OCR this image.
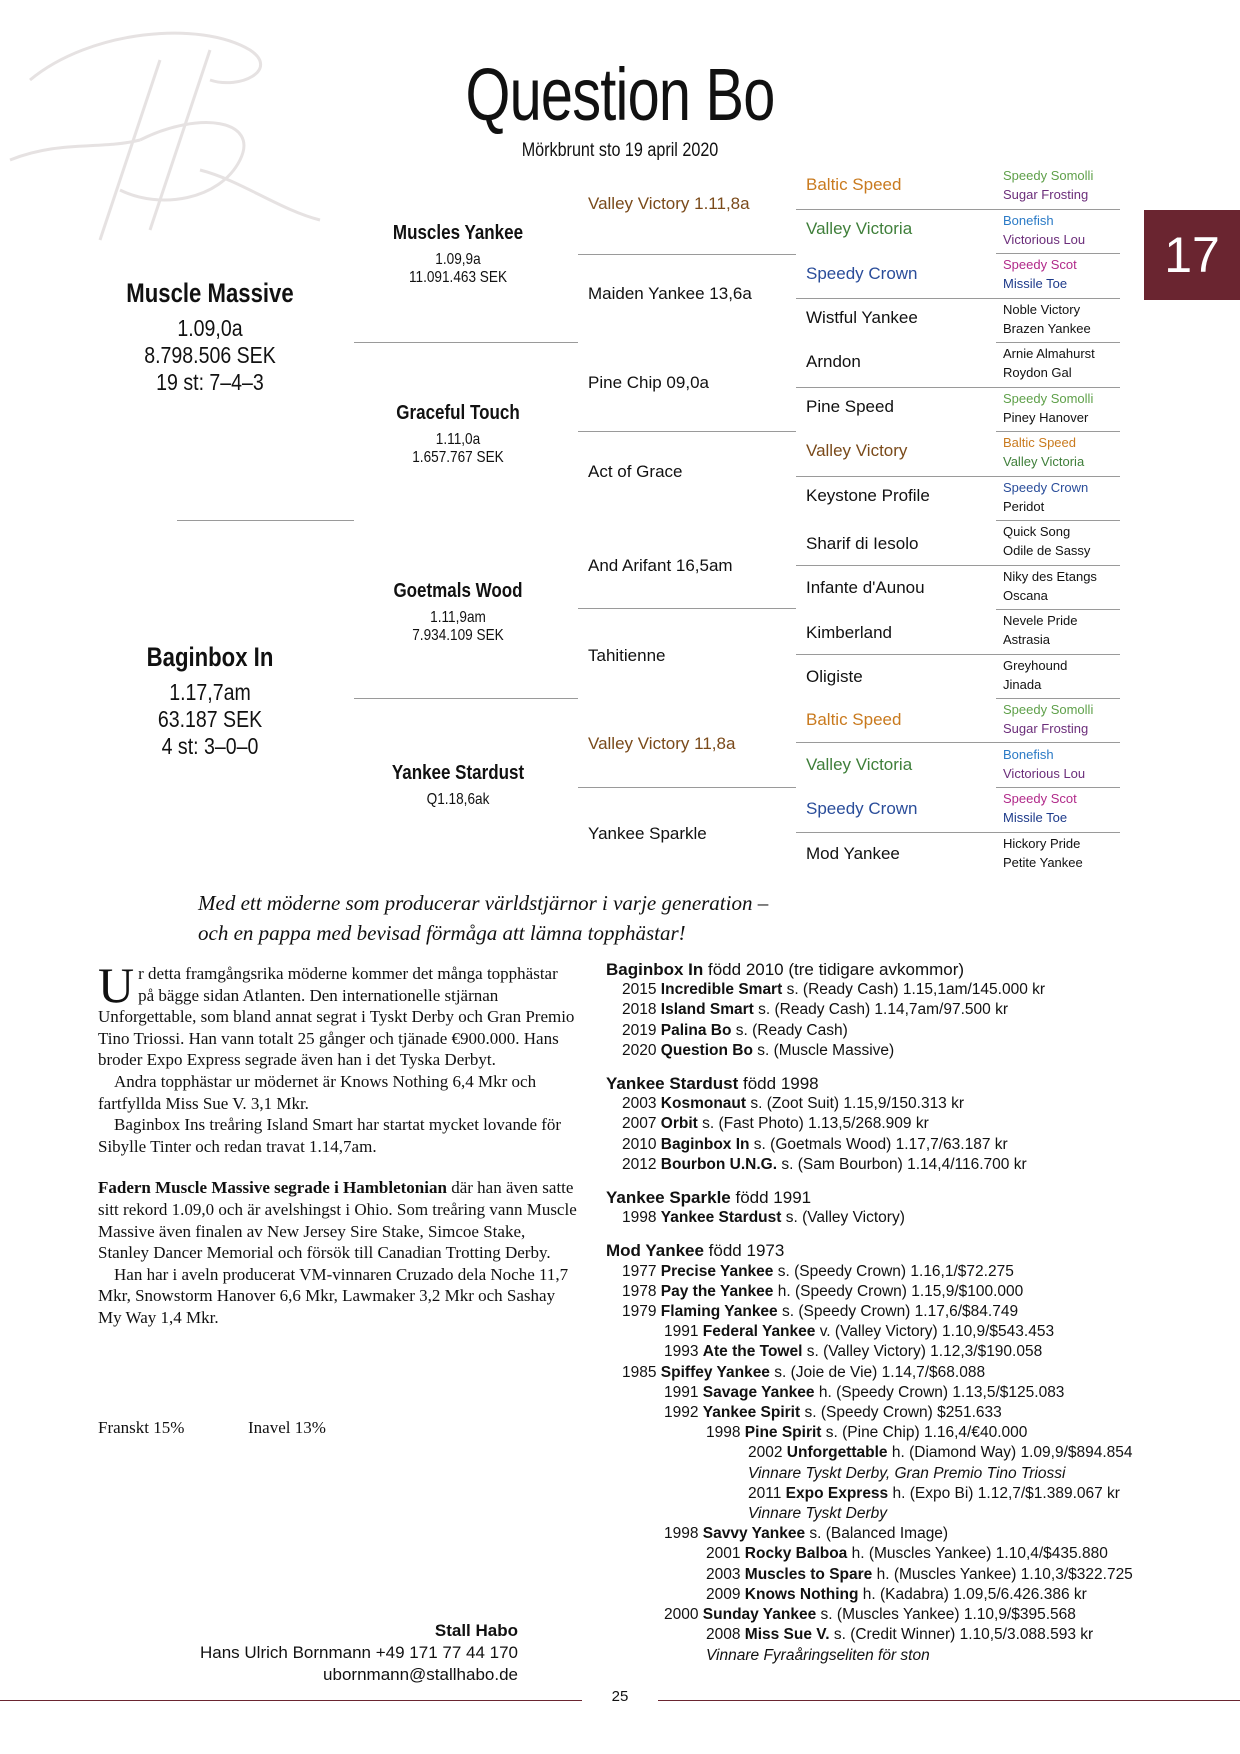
Question Bo
Mörkbrunt sto 19 april 2020
17
Muscle Massive
1.09,0a
8.798.506 SEK
19 st: 7–4–3
Baginbox In
1.17,7am
63.187 SEK
4 st: 3–0–0
Muscles Yankee
1.09,9a
11.091.463 SEK
Graceful Touch
1.11,0a
1.657.767 SEK
Goetmals Wood
1.11,9am
7.934.109 SEK
Yankee Stardust
Q1.18,6ak
Valley Victory 1.11,8a
Maiden Yankee 13,6a
Pine Chip 09,0a
Act of Grace
And Arifant 16,5am
Tahitienne
Valley Victory 11,8a
Yankee Sparkle
Baltic Speed
Valley Victoria
Speedy Crown
Wistful Yankee
Arndon
Pine Speed
Valley Victory
Keystone Profile
Sharif di Iesolo
Infante d'Aunou
Kimberland
Oligiste
Baltic Speed
Valley Victoria
Speedy Crown
Mod Yankee
Speedy Somolli
Sugar Frosting
Bonefish
Victorious Lou
Speedy Scot
Missile Toe
Noble Victory
Brazen Yankee
Arnie Almahurst
Roydon Gal
Speedy Somolli
Piney Hanover
Baltic Speed
Valley Victoria
Speedy Crown
Peridot
Quick Song
Odile de Sassy
Niky des Etangs
Oscana
Nevele Pride
Astrasia
Greyhound
Jinada
Speedy Somolli
Sugar Frosting
Bonefish
Victorious Lou
Speedy Scot
Missile Toe
Hickory Pride
Petite Yankee
Med ett möderne som producerar världstjärnor i varje generation –
och en pappa med bevisad förmåga att lämna topphästar!

Ur detta framgångsrika möderne kommer det många topphästar på bägge sidan Atlanten. Den internationelle stjärnan Unforgettable, som bland annat segrat i Tyskt Derby och Gran Premio Tino Triossi. Han vann totalt 25 gånger och tjänade €900.000. Hans broder Expo Express segrade även han i det Tyska Derbyt.

Andra topphästar ur mödernet är Knows Nothing 6,4 Mkr och fartfyllda Miss Sue V. 3,1 Mkr.

Baginbox Ins treåring Island Smart har startat mycket lovande för Sibylle Tinter och redan travat 1.14,7am.

Fadern Muscle Massive segrade i Hambletonian där han även satte sitt rekord 1.09,0 och är avelshingst i Ohio. Som treåring vann Muscle Massive även finalen av New Jersey Sire Stake, Simcoe Stake, Stanley Dancer Memorial och försök till Canadian Trotting Derby.

Han har i aveln producerat VM-vinnaren Cruzado dela Noche 11,7 Mkr, Snowstorm Hanover 6,6 Mkr, Lawmaker 3,2 Mkr och Sashay My Way 1,4 Mkr.

Franskt 15%	Inavel 13%
Stall Habo
Hans Ulrich Bornmann +49 171 77 44 170
ubornmann@stallhabo.de
Baginbox In född 2010 (tre tidigare avkommor)
2015 Incredible Smart s. (Ready Cash) 1.15,1am/145.000 kr
2018 Island Smart s. (Ready Cash) 1.14,7am/97.500 kr
2019 Palina Bo s. (Ready Cash)
2020 Question Bo s. (Muscle Massive)
Yankee Stardust född 1998
2003 Kosmonaut s. (Zoot Suit) 1.15,9/150.313 kr
2007 Orbit s. (Fast Photo) 1.13,5/268.909 kr
2010 Baginbox In s. (Goetmals Wood) 1.17,7/63.187 kr
2012 Bourbon U.N.G. s. (Sam Bourbon) 1.14,4/116.700 kr
Yankee Sparkle född 1991
1998 Yankee Stardust s. (Valley Victory)
Mod Yankee född 1973
1977 Precise Yankee s. (Speedy Crown) 1.16,1/$72.275
1978 Pay the Yankee h. (Speedy Crown) 1.15,9/$100.000
1979 Flaming Yankee s. (Speedy Crown) 1.17,6/$84.749
1991 Federal Yankee v. (Valley Victory) 1.10,9/$543.453
1993 Ate the Towel s. (Valley Victory) 1.12,3/$190.058
1985 Spiffey Yankee s. (Joie de Vie) 1.14,7/$68.088
1991 Savage Yankee h. (Speedy Crown) 1.13,5/$125.083
1992 Yankee Spirit s. (Speedy Crown) $251.633
1998 Pine Spirit s. (Pine Chip) 1.16,4/€40.000
2002 Unforgettable h. (Diamond Way) 1.09,9/$894.854
Vinnare Tyskt Derby, Gran Premio Tino Triossi
2011 Expo Express h. (Expo Bi) 1.12,7/$1.389.067 kr
Vinnare Tyskt Derby
1998 Savvy Yankee s. (Balanced Image)
2001 Rocky Balboa h. (Muscles Yankee) 1.10,4/$435.880
2003 Muscles to Spare h. (Muscles Yankee) 1.10,3/$322.725
2009 Knows Nothing h. (Kadabra) 1.09,5/6.426.386 kr
2000 Sunday Yankee s. (Muscles Yankee) 1.10,9/$395.568
2008 Miss Sue V. s. (Credit Winner) 1.10,5/3.088.593 kr
Vinnare Fyraåringseliten för ston
25
